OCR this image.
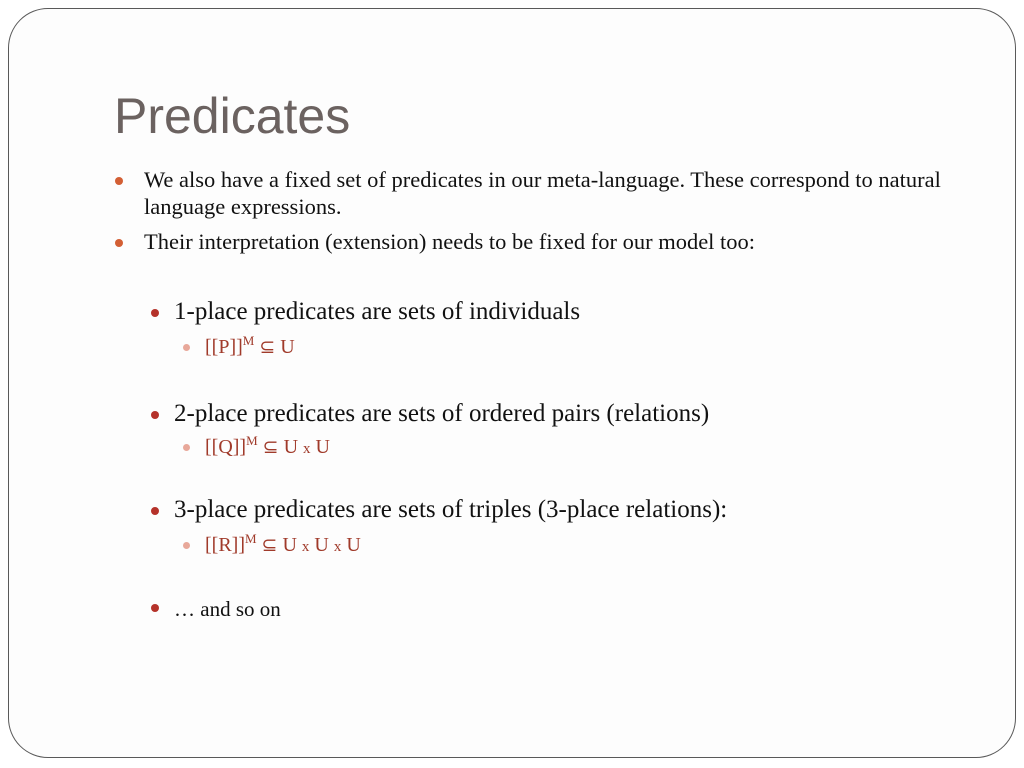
Predicates
We also have a fixed set of predicates in our meta-language. These correspond to natural language expressions.
Their interpretation (extension) needs to be fixed for our model too:
1-place predicates are sets of individuals
$[[P]]^M$ ⊆ U
2-place predicates are sets of ordered pairs (relations)
$[[Q]]^M$ ⊆ U x U
3-place predicates are sets of triples (3-place relations):
$[[R]]^M$ ⊆ U x U x U
… and so on
